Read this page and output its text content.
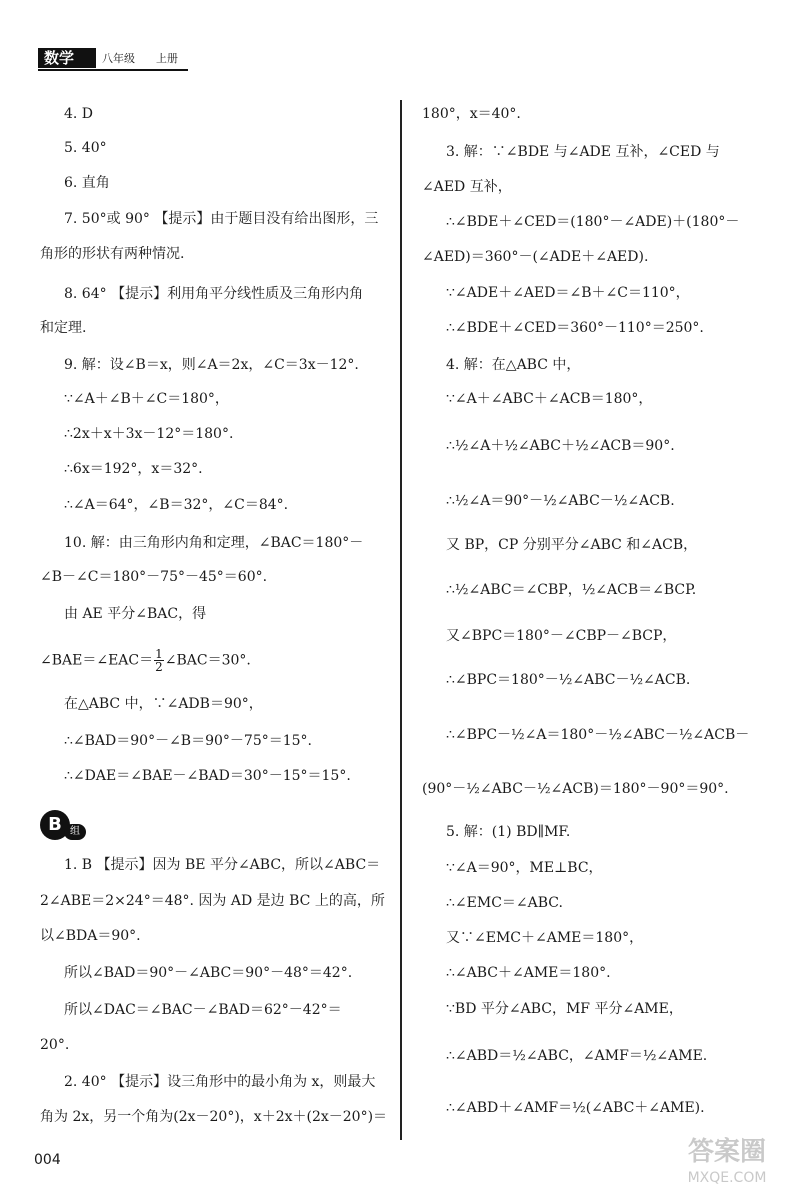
数学	八年级 上册
4. D
5. 40°
6. 直角
7. 50°或 90° 【提示】由于题目没有给出图形，三
角形的形状有两种情况.
8. 64° 【提示】利用角平分线性质及三角形内角
和定理.
9. 解：设∠B＝x，则∠A＝2x，∠C＝3x－12°.
∵∠A＋∠B＋∠C＝180°，
∴2x＋x＋3x－12°＝180°.
∴6x＝192°，x＝32°.
∴∠A＝64°，∠B＝32°，∠C＝84°.
10. 解：由三角形内角和定理，∠BAC＝180°－
∠B－∠C＝180°－75°－45°＝60°.
由 AE 平分∠BAC，得
∠BAE＝∠EAC＝ $\frac{1}{2}$ ∠BAC＝30°.
在△ABC 中，∵∠ADB＝90°，
∴∠BAD＝90°－∠B＝90°－75°＝15°.
∴∠DAE＝∠BAE－∠BAD＝30°－15°＝15°.
B 组
1. B 【提示】因为 BE 平分∠ABC，所以∠ABC＝
2∠ABE＝2×24°＝48°. 因为 AD 是边 BC 上的高，所
以∠BDA＝90°.
所以∠BAD＝90°－∠ABC＝90°－48°＝42°.
所以∠DAC＝∠BAC－∠BAD＝62°－42°＝
20°.
2. 40° 【提示】设三角形中的最小角为 x，则最大
角为 2x，另一个角为(2x－20°)，x＋2x＋(2x－20°)＝
180°，x＝40°.
3. 解：∵∠BDE 与∠ADE 互补，∠CED 与
∠AED 互补，
∴∠BDE＋∠CED＝(180°－∠ADE)＋(180°－
∠AED)＝360°－(∠ADE＋∠AED).
∵∠ADE＋∠AED＝∠B＋∠C＝110°，
∴∠BDE＋∠CED＝360°－110°＝250°.
4. 解：在△ABC 中，
∵∠A＋∠ABC＋∠ACB＝180°，
∴½∠A＋½∠ABC＋½∠ACB＝90°.
∴½∠A＝90°－½∠ABC－½∠ACB.
又 BP，CP 分别平分∠ABC 和∠ACB，
∴½∠ABC＝∠CBP，½∠ACB＝∠BCP.
又∠BPC＝180°－∠CBP－∠BCP，
∴∠BPC＝180°－½∠ABC－½∠ACB.
∴∠BPC－½∠A＝180°－½∠ABC－½∠ACB－
(90°－½∠ABC－½∠ACB)＝180°－90°＝90°.
5. 解：(1) BD∥MF.
∵∠A＝90°，ME⊥BC，
∴∠EMC＝∠ABC.
又∵∠EMC＋∠AME＝180°，
∴∠ABC＋∠AME＝180°.
∵BD 平分∠ABC，MF 平分∠AME，
∴∠ABD＝½∠ABC，∠AMF＝½∠AME.
∴∠ABD＋∠AMF＝½(∠ABC＋∠AME).
004	答案圈
MXQE.COM
